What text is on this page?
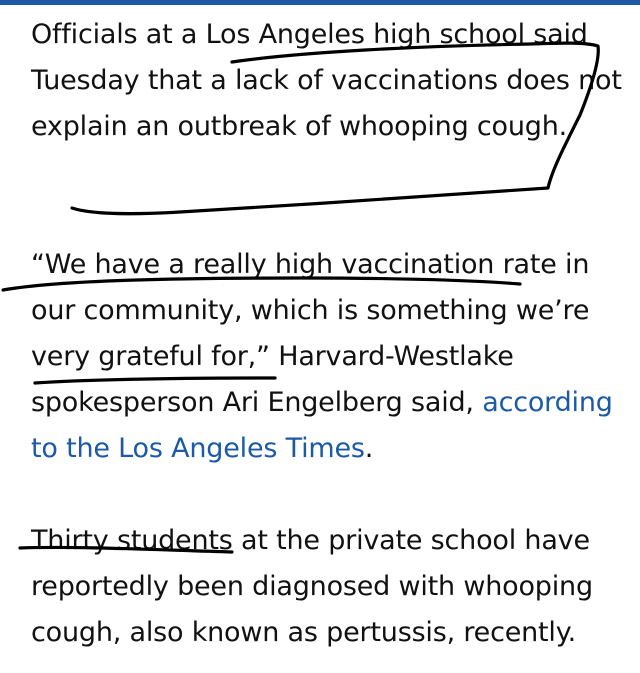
Officials at a Los Angeles high school said Tuesday that a lack of vaccinations does not explain an outbreak of whooping cough.

“We have a really high vaccination rate in our community, which is something we’re very grateful for,” Harvard-Westlake spokesperson Ari Engelberg said, according to the Los Angeles Times.

Thirty students at the private school have reportedly been diagnosed with whooping cough, also known as pertussis, recently.
